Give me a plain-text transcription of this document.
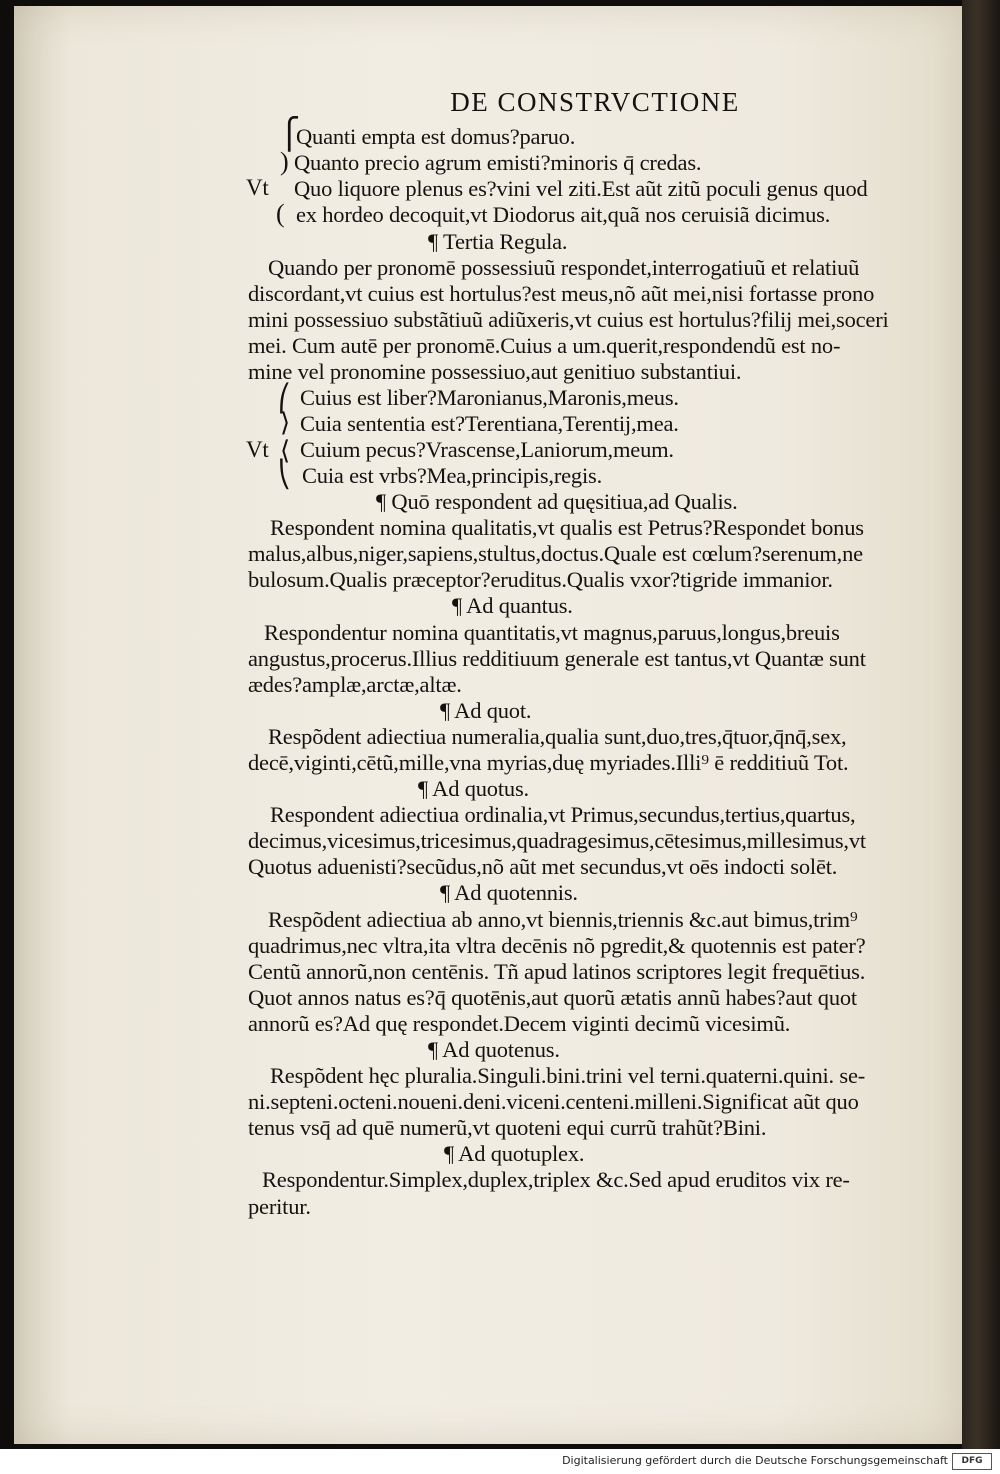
DE CONSTRVCTIONE
⎧
)
(
Vt
Quanti empta est domus?paruo.
Quanto precio agrum emisti?minoris q̄ credas.
Quo liquore plenus es?vini vel ziti.Est aũt zitũ poculi genus quod
ex hordeo decoquit,vt Diodorus ait,quã nos ceruisiã dicimus.
¶ Tertia Regula.
Quando per pronomē possessiuũ respondet,interrogatiuũ et relatiuũ
discordant,vt cuius est hortulus?est meus,nõ aũt mei,nisi fortasse prono
mini possessiuo substãtiuũ adiũxeris,vt cuius est hortulus?filij mei,soceri
mei. Cum autē per pronomē.Cuius a um.querit,respondendũ est no-
mine vel pronomine possessiuo,aut genitiuo substantiui.
⎛
⟩
⟨
⎝
Vt
Cuius est liber?Maronianus,Maronis,meus.
Cuia sententia est?Terentiana,Terentij,mea.
Cuium pecus?Vrascense,Laniorum,meum.
Cuia est vrbs?Mea,principis,regis.
¶ Quō respondent ad quęsitiua,ad Qualis.
Respondent nomina qualitatis,vt qualis est Petrus?Respondet bonus
malus,albus,niger,sapiens,stultus,doctus.Quale est cœlum?serenum,ne
bulosum.Qualis præceptor?eruditus.Qualis vxor?tigride immanior.
¶ Ad quantus.
Respondentur nomina quantitatis,vt magnus,paruus,longus,breuis
angustus,procerus.Illius redditiuum generale est tantus,vt Quantæ sunt
ædes?amplæ,arctæ,altæ.
¶ Ad quot.
Respõdent adiectiua numeralia,qualia sunt,duo,tres,q̄tuor,q̄nq̄,sex,
decē,viginti,cētũ,mille,vna myrias,duę myriades.Illi⁹ ē redditiuũ Tot.
¶ Ad quotus.
Respondent adiectiua ordinalia,vt Primus,secundus,tertius,quartus,
decimus,vicesimus,tricesimus,quadragesimus,cētesimus,millesimus,vt
Quotus aduenisti?secũdus,nõ aũt met secundus,vt oēs indocti solēt.
¶ Ad quotennis.
Respõdent adiectiua ab anno,vt biennis,triennis &c.aut bimus,trim⁹
quadrimus,nec vltra,ita vltra decēnis nõ pgredit,& quotennis est pater?
Centũ annorũ,non centēnis. Tñ apud latinos scriptores legit frequētius.
Quot annos natus es?q̄ quotēnis,aut quorũ ætatis annũ habes?aut quot
annorũ es?Ad quę respondet.Decem viginti decimũ vicesimũ.
¶ Ad quotenus.
Respõdent hęc pluralia.Singuli.bini.trini vel terni.quaterni.quini. se-
ni.septeni.octeni.noueni.deni.viceni.centeni.milleni.Significat aũt quo
tenus vsq̄ ad quē numerũ,vt quoteni equi currũ trahũt?Bini.
¶ Ad quotuplex.
Respondentur.Simplex,duplex,triplex &c.Sed apud eruditos vix re-
peritur.
Digitalisierung gefördert durch die Deutsche Forschungsgemeinschaft	DFG
